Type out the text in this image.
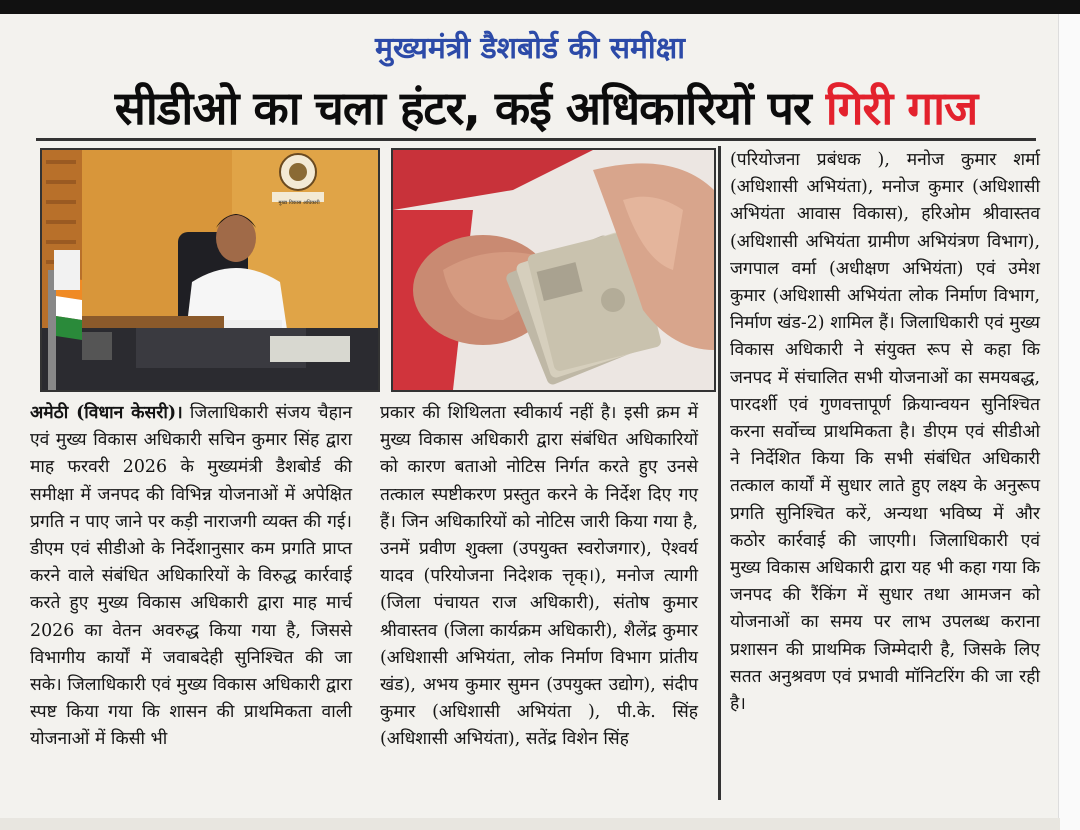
मुख्यमंत्री डैशबोर्ड की समीक्षा
सीडीओ का चला हंटर, कई अधिकारियों पर गिरी गाज
मुख्य विकास अधिकारी

अमेठी (विधान केसरी)। जिलाधिकारी संजय चैहान एवं मुख्य विकास अधिकारी सचिन कुमार सिंह द्वारा माह फरवरी 2026 के मुख्यमंत्री डैशबोर्ड की समीक्षा में जनपद की विभिन्न योजनाओं में अपेक्षित प्रगति न पाए जाने पर कड़ी नाराजगी व्यक्त की गई। डीएम एवं सीडीओ के निर्देशानुसार कम प्रगति प्राप्त करने वाले संबंधित अधिकारियों के विरुद्ध कार्रवाई करते हुए मुख्य विकास अधिकारी द्वारा माह मार्च 2026 का वेतन अवरुद्ध किया गया है, जिससे विभागीय कार्यों में जवाबदेही सुनिश्चित की जा सके। जिलाधिकारी एवं मुख्य विकास अधिकारी द्वारा स्पष्ट किया गया कि शासन की प्राथमिकता वाली योजनाओं में किसी भी

प्रकार की शिथिलता स्वीकार्य नहीं है। इसी क्रम में मुख्य विकास अधिकारी द्वारा संबंधित अधिकारियों को कारण बताओ नोटिस निर्गत करते हुए उनसे तत्काल स्पष्टीकरण प्रस्तुत करने के निर्देश दिए गए हैं। जिन अधिकारियों को नोटिस जारी किया गया है, उनमें प्रवीण शुक्ला (उपयुक्त स्वरोजगार), ऐश्वर्य यादव (परियोजना निदेशक त्तृक्।), मनोज त्यागी (जिला पंचायत राज अधिकारी), संतोष कुमार श्रीवास्तव (जिला कार्यक्रम अधिकारी), शैलेंद्र कुमार (अधिशासी अभियंता, लोक निर्माण विभाग प्रांतीय खंड), अभय कुमार सुमन (उपयुक्त उद्योग), संदीप कुमार (अधिशासी अभियंता ), पी.के. सिंह (अधिशासी अभियंता), सतेंद्र विशेन सिंह

(परियोजना प्रबंधक ), मनोज कुमार शर्मा (अधिशासी अभियंता), मनोज कुमार (अधिशासी अभियंता आवास विकास), हरिओम श्रीवास्तव (अधिशासी अभियंता ग्रामीण अभियंत्रण विभाग), जगपाल वर्मा (अधीक्षण अभियंता) एवं उमेश कुमार (अधिशासी अभियंता लोक निर्माण विभाग, निर्माण खंड-2) शामिल हैं। जिलाधिकारी एवं मुख्य विकास अधिकारी ने संयुक्त रूप से कहा कि जनपद में संचालित सभी योजनाओं का समयबद्ध, पारदर्शी एवं गुणवत्तापूर्ण क्रियान्वयन सुनिश्चित करना सर्वोच्च प्राथमिकता है। डीएम एवं सीडीओ ने निर्देशित किया कि सभी संबंधित अधिकारी तत्काल कार्यों में सुधार लाते हुए लक्ष्य के अनुरूप प्रगति सुनिश्चित करें, अन्यथा भविष्य में और कठोर कार्रवाई की जाएगी। जिलाधिकारी एवं मुख्य विकास अधिकारी द्वारा यह भी कहा गया कि जनपद की रैंकिंग में सुधार तथा आमजन को योजनाओं का समय पर लाभ उपलब्ध कराना प्रशासन की प्राथमिक जिम्मेदारी है, जिसके लिए सतत अनुश्रवण एवं प्रभावी मॉनिटरिंग की जा रही है।
